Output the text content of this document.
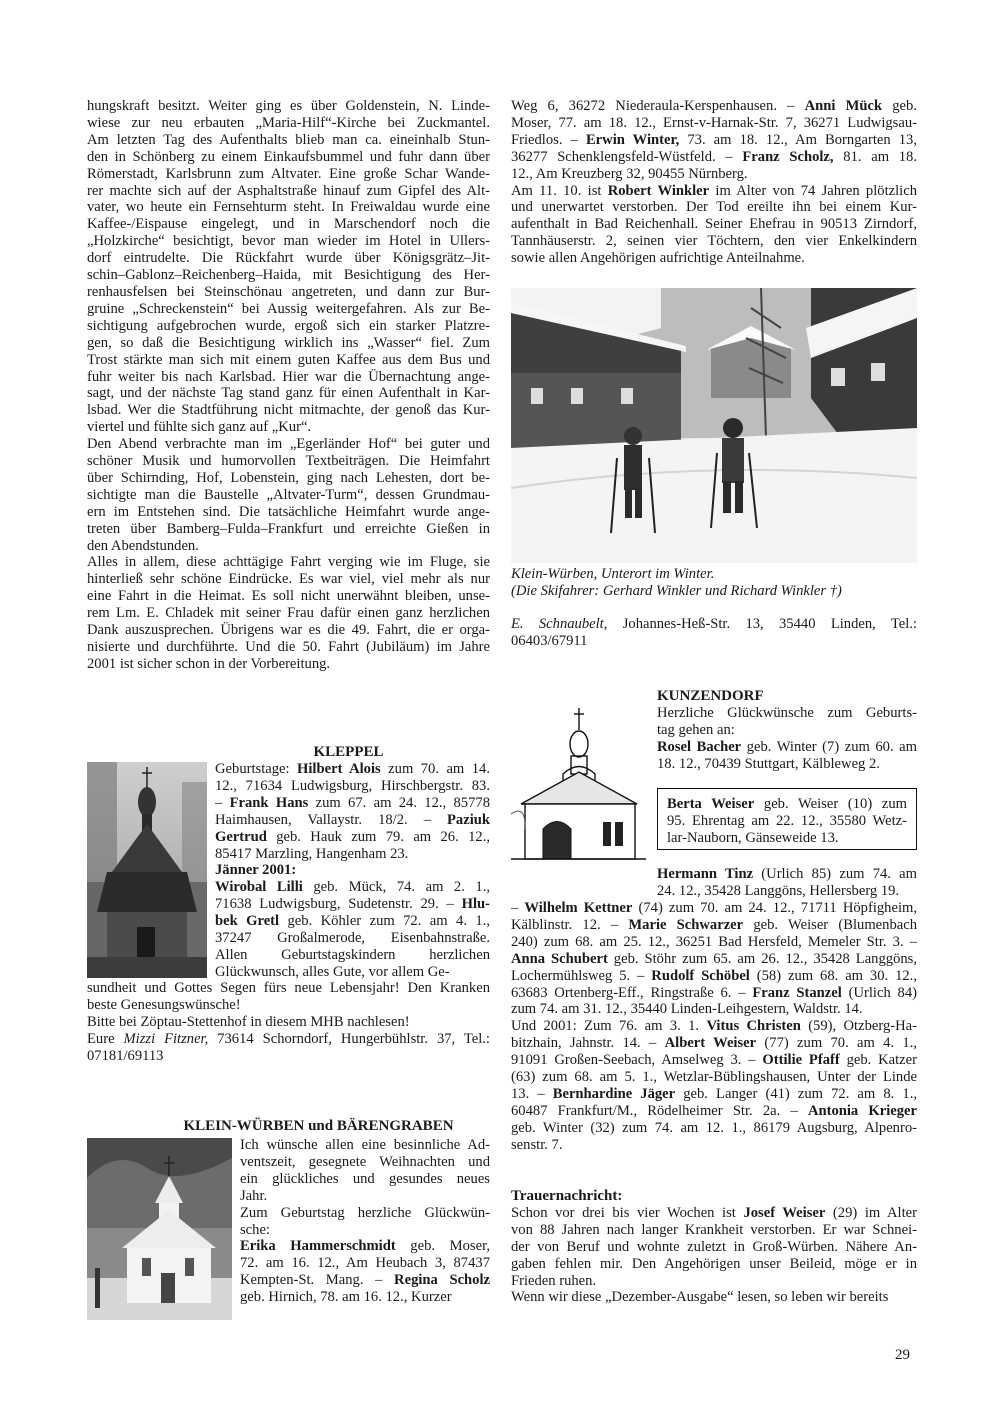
hungskraft besitzt. Weiter ging es über Goldenstein, N. Linde-
wiese zur neu erbauten „Maria-Hilf“-Kirche bei Zuckmantel.
Am letzten Tag des Aufenthalts blieb man ca. eineinhalb Stun-
den in Schönberg zu einem Einkaufsbummel und fuhr dann über
Römerstadt, Karlsbrunn zum Altvater. Eine große Schar Wande-
rer machte sich auf der Asphaltstraße hinauf zum Gipfel des Alt-
vater, wo heute ein Fernsehturm steht. In Freiwaldau wurde eine
Kaffee-/Eispause eingelegt, und in Marschendorf noch die
„Holzkirche“ besichtigt, bevor man wieder im Hotel in Ullers-
dorf eintrudelte. Die Rückfahrt wurde über Königsgrätz–Jit-
schin–Gablonz–Reichenberg–Haida, mit Besichtigung des Her-
renhausfelsen bei Steinschönau angetreten, und dann zur Bur-
gruine „Schreckenstein“ bei Aussig weitergefahren. Als zur Be-
sichtigung aufgebrochen wurde, ergoß sich ein starker Platzre-
gen, so daß die Besichtigung wirklich ins „Wasser“ fiel. Zum
Trost stärkte man sich mit einem guten Kaffee aus dem Bus und
fuhr weiter bis nach Karlsbad. Hier war die Übernachtung ange-
sagt, und der nächste Tag stand ganz für einen Aufenthalt in Kar-
lsbad. Wer die Stadtführung nicht mitmachte, der genoß das Kur-
viertel und fühlte sich ganz auf „Kur“.
Den Abend verbrachte man im „Egerländer Hof“ bei guter und
schöner Musik und humorvollen Textbeiträgen. Die Heimfahrt
über Schirnding, Hof, Lobenstein, ging nach Lehesten, dort be-
sichtigte man die Baustelle „Altvater-Turm“, dessen Grundmau-
ern im Entstehen sind. Die tatsächliche Heimfahrt wurde ange-
treten über Bamberg–Fulda–Frankfurt und erreichte Gießen in
den Abendstunden.
Alles in allem, diese achttägige Fahrt verging wie im Fluge, sie
hinterließ sehr schöne Eindrücke. Es war viel, viel mehr als nur
eine Fahrt in die Heimat. Es soll nicht unerwähnt bleiben, unse-
rem Lm. E. Chladek mit seiner Frau dafür einen ganz herzlichen
Dank auszusprechen. Übrigens war es die 49. Fahrt, die er orga-
nisierte und durchführte. Und die 50. Fahrt (Jubiläum) im Jahre
2001 ist sicher schon in der Vorbereitung.
KLEPPEL
Geburtstage: Hilbert Alois zum 70. am 14.
12., 71634 Ludwigsburg, Hirschbergstr. 83.
– Frank Hans zum 67. am 24. 12., 85778
Haimhausen, Vallaystr. 18/2. – Paziuk
Gertrud geb. Hauk zum 79. am 26. 12.,
85417 Marzling, Hangenham 23.
Jänner 2001:
Wirobal Lilli geb. Mück, 74. am 2. 1.,
71638 Ludwigsburg, Sudetenstr. 29. – Hlu-
bek Gretl geb. Köhler zum 72. am 4. 1.,
37247 Großalmerode, Eisenbahnstraße.
Allen Geburtstagskindern herzlichen
Glückwunsch, alles Gute, vor allem Ge-
sundheit und Gottes Segen fürs neue Lebensjahr! Den Kranken
beste Genesungswünsche!
Bitte bei Zöptau-Stettenhof in diesem MHB nachlesen!
Eure Mizzi Fitzner, 73614 Schorndorf, Hungerbühlstr. 37, Tel.:
07181/69113
KLEIN-WÜRBEN und BÄRENGRABEN
Ich wünsche allen eine besinnliche Ad-
ventszeit, gesegnete Weihnachten und
ein glückliches und gesundes neues
Jahr.
Zum Geburtstag herzliche Glückwün-
sche:
Erika Hammerschmidt geb. Moser,
72. am 16. 12., Am Heubach 3, 87437
Kempten-St. Mang. – Regina Scholz
geb. Hirnich, 78. am 16. 12., Kurzer
Weg 6, 36272 Niederaula-Kerspenhausen. – Anni Mück geb.
Moser, 77. am 18. 12., Ernst-v-Harnak-Str. 7, 36271 Ludwigsau-
Friedlos. – Erwin Winter, 73. am 18. 12., Am Borngarten 13,
36277 Schenklengsfeld-Wüstfeld. – Franz Scholz, 81. am 18.
12., Am Kreuzberg 32, 90455 Nürnberg.
Am 11. 10. ist Robert Winkler im Alter von 74 Jahren plötzlich
und unerwartet verstorben. Der Tod ereilte ihn bei einem Kur-
aufenthalt in Bad Reichenhall. Seiner Ehefrau in 90513 Zirndorf,
Tannhäuserstr. 2, seinen vier Töchtern, den vier Enkelkindern
sowie allen Angehörigen aufrichtige Anteilnahme.
Klein-Würben, Unterort im Winter.
(Die Skifahrer: Gerhard Winkler und Richard Winkler †)
E. Schnaubelt, Johannes-Heß-Str. 13, 35440 Linden, Tel.:
06403/67911
KUNZENDORF
Herzliche Glückwünsche zum Geburts-
tag gehen an:
Rosel Bacher geb. Winter (7) zum 60. am
18. 12., 70439 Stuttgart, Kälbleweg 2.
Berta Weiser geb. Weiser (10) zum
95. Ehrentag am 22. 12., 35580 Wetz-
lar-Nauborn, Gänseweide 13.
Hermann Tinz (Urlich 85) zum 74. am
24. 12., 35428 Langgöns, Hellersberg 19.
– Wilhelm Kettner (74) zum 70. am 24. 12., 71711 Höpfigheim,
Kälblinstr. 12. – Marie Schwarzer geb. Weiser (Blumenbach
240) zum 68. am 25. 12., 36251 Bad Hersfeld, Memeler Str. 3. –
Anna Schubert geb. Stöhr zum 65. am 26. 12., 35428 Langgöns,
Lochermühlsweg 5. – Rudolf Schöbel (58) zum 68. am 30. 12.,
63683 Ortenberg-Eff., Ringstraße 6. – Franz Stanzel (Urlich 84)
zum 74. am 31. 12., 35440 Linden-Leihgestern, Waldstr. 14.
Und 2001: Zum 76. am 3. 1. Vitus Christen (59), Otzberg-Ha-
bitzhain, Jahnstr. 14. – Albert Weiser (77) zum 70. am 4. 1.,
91091 Großen-Seebach, Amselweg 3. – Ottilie Pfaff geb. Katzer
(63) zum 68. am 5. 1., Wetzlar-Büblingshausen, Unter der Linde
13. – Bernhardine Jäger geb. Langer (41) zum 72. am 8. 1.,
60487 Frankfurt/M., Rödelheimer Str. 2a. – Antonia Krieger
geb. Winter (32) zum 74. am 12. 1., 86179 Augsburg, Alpenro-
senstr. 7.
Trauernachricht:
Schon vor drei bis vier Wochen ist Josef Weiser (29) im Alter
von 88 Jahren nach langer Krankheit verstorben. Er war Schnei-
der von Beruf und wohnte zuletzt in Groß-Würben. Nähere An-
gaben fehlen mir. Den Angehörigen unser Beileid, möge er in
Frieden ruhen.
Wenn wir diese „Dezember-Ausgabe“ lesen, so leben wir bereits
29
